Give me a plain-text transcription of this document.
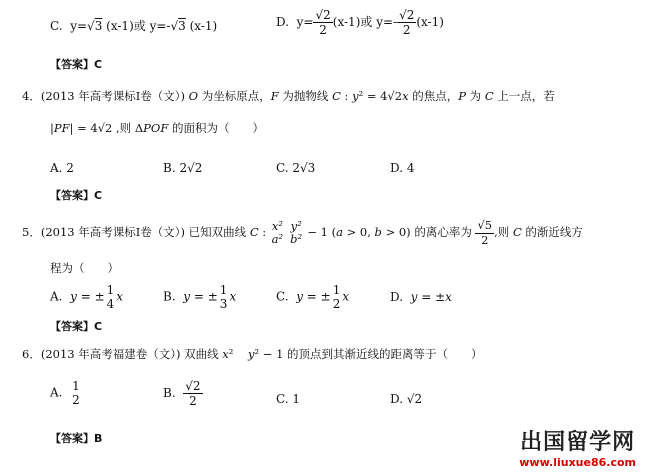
C.  y=√3 (x-1)或 y=-√3 (x-1)	D.  $y= \frac{√2}{2} (x-1)$或 $y=- \frac{√2}{2} (x-1)$
【答案】C
4．(2013 年高考课标Ⅰ卷（文）) O 为坐标原点，F 为抛物线 C : y² = 4√2x 的焦点，P 为 C 上一点，若
|PF| = 4√2 ,则 ΔPOF 的面积为（　　）
A. 2	B. 2√2	C. 2√3	D. 4
【答案】C
5．(2013 年高考课标Ⅰ卷（文）) 已知双曲线 C : x²
a²

y²
b² − 1 (a > 0, b > 0) 的离心率为 $\frac{√5}{2}$ ,则 C 的渐近线方
程为（　　）
A.  y = ± 1
4
x	B.  y = ± 1
3
x	C.  y = ± 1
2
x	D.  y = ±x
【答案】C
6．(2013 年高考福建卷（文）) 双曲线 x²    y² − 1 的顶点到其渐近线的距离等于（　　）
A. 1
2	B. $\frac{√2}{2}$	C. 1	D. √2
【答案】B	出国留学网
www.liuxue86.com
